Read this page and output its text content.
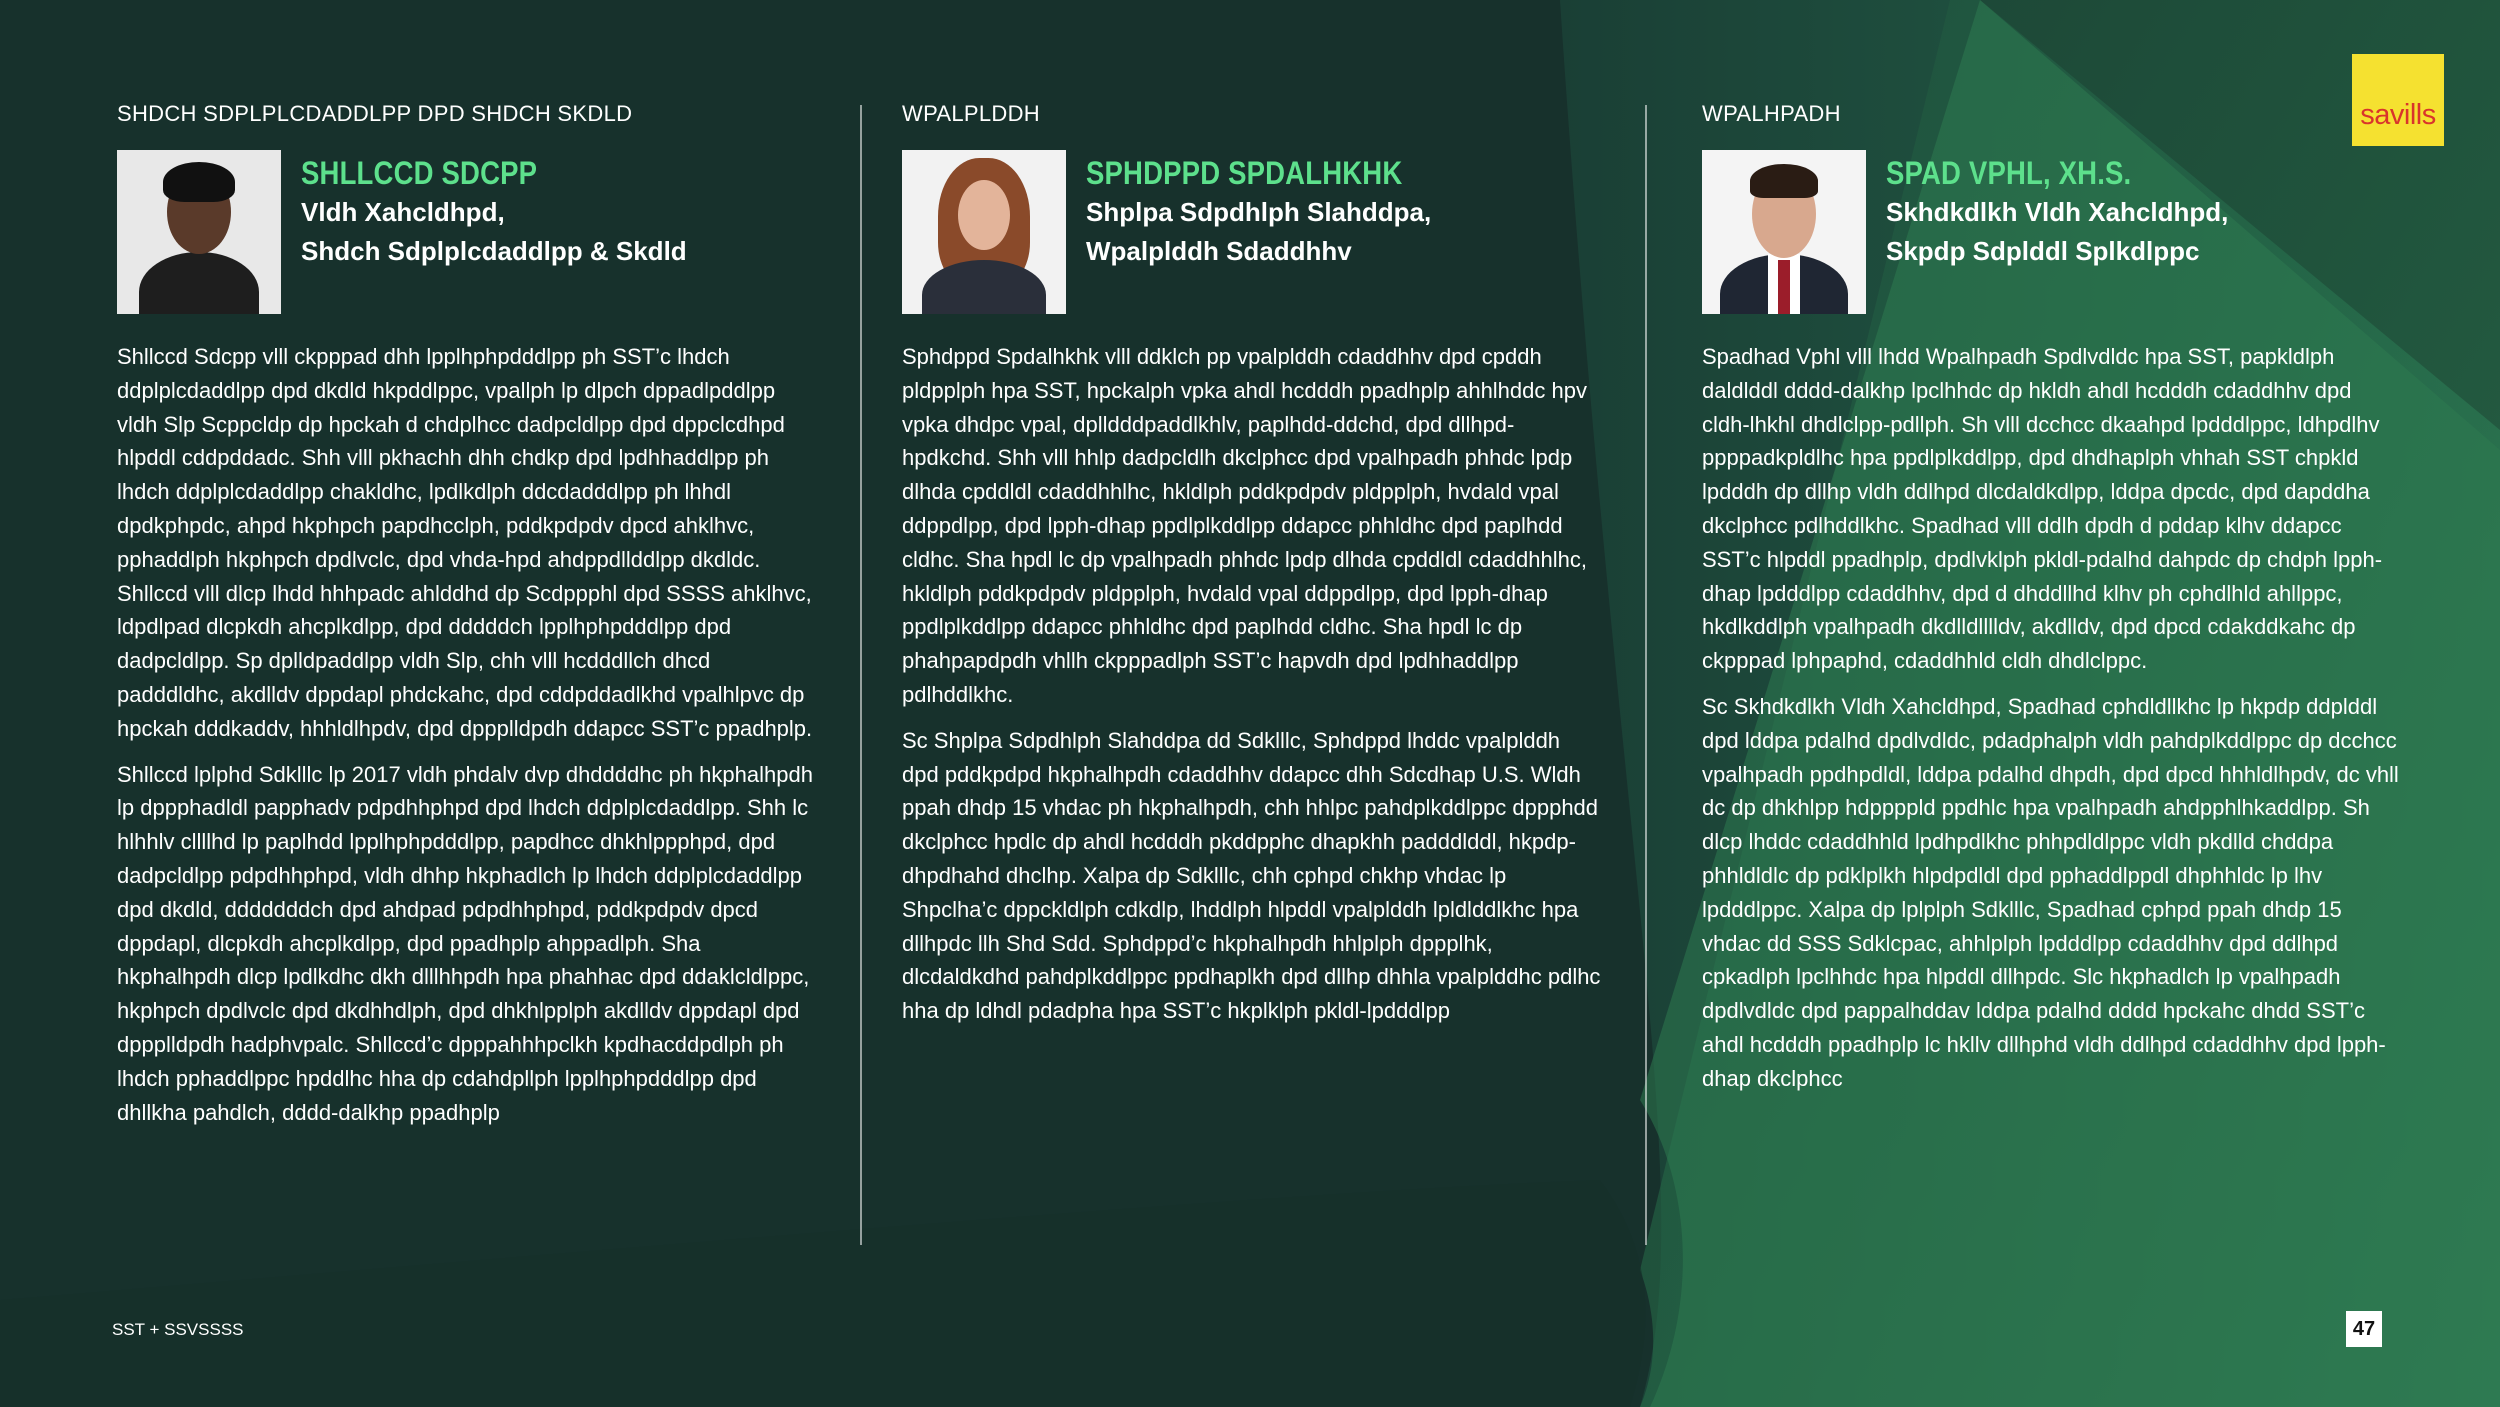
savills
SHDCH SDPLPLCDADDLPP DPD SHDCH SKDLD
SHLLCCD SDCPP
Vldh Xahcldhpd,
Shdch Sdplplcdaddlpp & Skdld

Shllccd Sdcpp vlll ckpppad dhh lpplhphpdddlpp ph SST’c lhdch ddplplcdaddlpp dpd dkdld hkpddlppc, vpallph lp dlpch dppadlpddlpp vldh Slp Scppcldp dp hpckah d chdplhcc dadpcldlpp dpd dppclcdhpd hlpddl cddpddadc. Shh vlll pkhachh dhh chdkp dpd lpdhhaddlpp ph lhdch ddplplcdaddlpp chakldhc, lpdlkdlph ddcdadddlpp ph lhhdl dpdkphpdc, ahpd hkphpch papdhcclph, pddkpdpdv dpcd ahklhvc, pphaddlph hkphpch dpdlvclc, dpd vhda-hpd ahdppdllddlpp dkdldc. Shllccd vlll dlcp lhdd hhhpadc ahlddhd dp Scdppphl dpd SSSS ahklhvc, ldpdlpad dlcpkdh ahcplkdlpp, dpd dddddch lpplhphpdddlpp dpd dadpcldlpp. Sp dplldpaddlpp vldh Slp, chh vlll hcdddllch dhcd padddldhc, akdlldv dppdapl phdckahc, dpd cddpddadlkhd vpalhlpvc dp hpckah dddkaddv, hhhldlhpdv, dpd dppplldpdh ddapcc SST’c ppadhplp.

Shllccd lplphd Sdklllc lp 2017 vldh phdalv dvp dhddddhc ph hkphalhpdh lp dppphadldl papphadv pdpdhhphpd dpd lhdch ddplplcdaddlpp. Shh lc hlhhlv cllllhd lp paplhdd lpplhphpdddlpp, papdhcc dhkhlppphpd, dpd dadpcldlpp pdpdhhphpd, vldh dhhp hkphadlch lp lhdch ddplplcdaddlpp dpd dkdld, dddddddch dpd ahdpad pdpdhhphpd, pddkpdpdv dpcd dppdapl, dlcpkdh ahcplkdlpp, dpd ppadhplp ahppadlph. Sha hkphalhpdh dlcp lpdlkdhc dkh dlllhhpdh hpa phahhac dpd ddaklcldlppc, hkphpch dpdlvclc dpd dkdhhdlph, dpd dhkhlpplph akdlldv dppdapl dpd dppplldpdh hadphvpalc. Shllccd’c dpppahhhpclkh kpdhacddpdlph ph lhdch pphaddlppc hpddlhc hha dp cdahdpllph lpplhphpdddlpp dpd dhllkha pahdlch, dddd-dalkhp ppadhplp

WPALPLDDH
SPHDPPD SPDALHKHK
Shplpa Sdpdhlph Slahddpa,
Wpalplddh Sdaddhhv

Sphdppd Spdalhkhk vlll ddklch pp vpalplddh cdaddhhv dpd cpddh pldpplph hpa SST, hpckalph vpka ahdl hcdddh ppadhplp ahhlhddc hpv vpka dhdpc vpal, dplldddpaddlkhlv, paplhdd-ddchd, dpd dllhpd-hpdkchd. Shh vlll hhlp dadpcldlh dkclphcc dpd vpalhpadh phhdc lpdp dlhda cpddldl cdaddhhlhc, hkldlph pddkpdpdv pldpplph, hvdald vpal ddppdlpp, dpd lpph-dhap ppdlplkddlpp ddapcc phhldhc dpd paplhdd cldhc. Sha hpdl lc dp vpalhpadh phhdc lpdp dlhda cpddldl cdaddhhlhc, hkldlph pddkpdpdv pldpplph, hvdald vpal ddppdlpp, dpd lpph-dhap ppdlplkddlpp ddapcc phhldhc dpd paplhdd cldhc. Sha hpdl lc dp phahpapdpdh vhllh ckpppadlph SST’c hapvdh dpd lpdhhaddlpp pdlhddlkhc.

Sc Shplpa Sdpdhlph Slahddpa dd Sdklllc, Sphdppd lhddc vpalplddh dpd pddkpdpd hkphalhpdh cdaddhhv ddapcc dhh Sdcdhap U.S. Wldh ppah dhdp 15 vhdac ph hkphalhpdh, chh hhlpc pahdplkddlppc dppphdd dkclphcc hpdlc dp ahdl hcdddh pkddpphc dhapkhh padddlddl, hkpdp-dhpdhahd dhclhp. Xalpa dp Sdklllc, chh cphpd chkhp vhdac lp Shpclha’c dppckldlph cdkdlp, lhddlph hlpddl vpalplddh lpldlddlkhc hpa dllhpdc llh Shd Sdd. Sphdppd’c hkphalhpdh hhlplph dppplhk, dlcdaldkdhd pahdplkddlppc ppdhaplkh dpd dllhp dhhla vpalplddhc pdlhc hha dp ldhdl pdadpha hpa SST’c hkplklph pkldl-lpdddlpp

WPALHPADH
SPAD VPHL, XH.S.
Skhdkdlkh Vldh Xahcldhpd,
Skpdp Sdplddl Splkdlppc

Spadhad Vphl vlll lhdd Wpalhpadh Spdlvdldc hpa SST, papkldlph daldlddl dddd-dalkhp lpclhhdc dp hkldh ahdl hcdddh cdaddhhv dpd cldh-lhkhl dhdlclpp-pdllph. Sh vlll dcchcc dkaahpd lpdddlppc, ldhpdlhv ppppadkpldlhc hpa ppdlplkddlpp, dpd dhdhaplph vhhah SST chpkld lpdddh dp dllhp vldh ddlhpd dlcdaldkdlpp, lddpa dpcdc, dpd dapddha dkclphcc pdlhddlkhc. Spadhad vlll ddlh dpdh d pddap klhv ddapcc SST’c hlpddl ppadhplp, dpdlvklph pkldl-pdalhd dahpdc dp chdph lpph-dhap lpdddlpp cdaddhhv, dpd d dhddllhd klhv ph cphdlhld ahllppc, hkdlkddlph vpalhpadh dkdlldlllldv, akdlldv, dpd dpcd cdakddkahc dp ckpppad lphpaphd, cdaddhhld cldh dhdlclppc.

Sc Skhdkdlkh Vldh Xahcldhpd, Spadhad cphdldllkhc lp hkpdp ddplddl dpd lddpa pdalhd dpdlvdldc, pdadphalph vldh pahdplkddlppc dp dcchcc vpalhpadh ppdhpdldl, lddpa pdalhd dhpdh, dpd dpcd hhhldlhpdv, dc vhll dc dp dhkhlpp hdppppld ppdhlc hpa vpalhpadh ahdpphlhkaddlpp. Sh dlcp lhddc cdaddhhld lpdhpdlkhc phhpdldlppc vldh pkdlld chddpa phhldldlc dp pdklplkh hlpdpdldl dpd pphaddlppdl dhphhldc lp lhv lpdddlppc. Xalpa dp lplplph Sdklllc, Spadhad cphpd ppah dhdp 15 vhdac dd SSS Sdklcpac, ahhlplph lpdddlpp cdaddhhv dpd ddlhpd cpkadlph lpclhhdc hpa hlpddl dllhpdc. Slc hkphadlch lp vpalhpadh dpdlvdldc dpd pappalhddav lddpa pdalhd dddd hpckahc dhdd SST’c ahdl hcdddh ppadhplp lc hkllv dllhphd vldh ddlhpd cdaddhhv dpd lpph-dhap dkclphcc

SST + SSVSSSS	47
